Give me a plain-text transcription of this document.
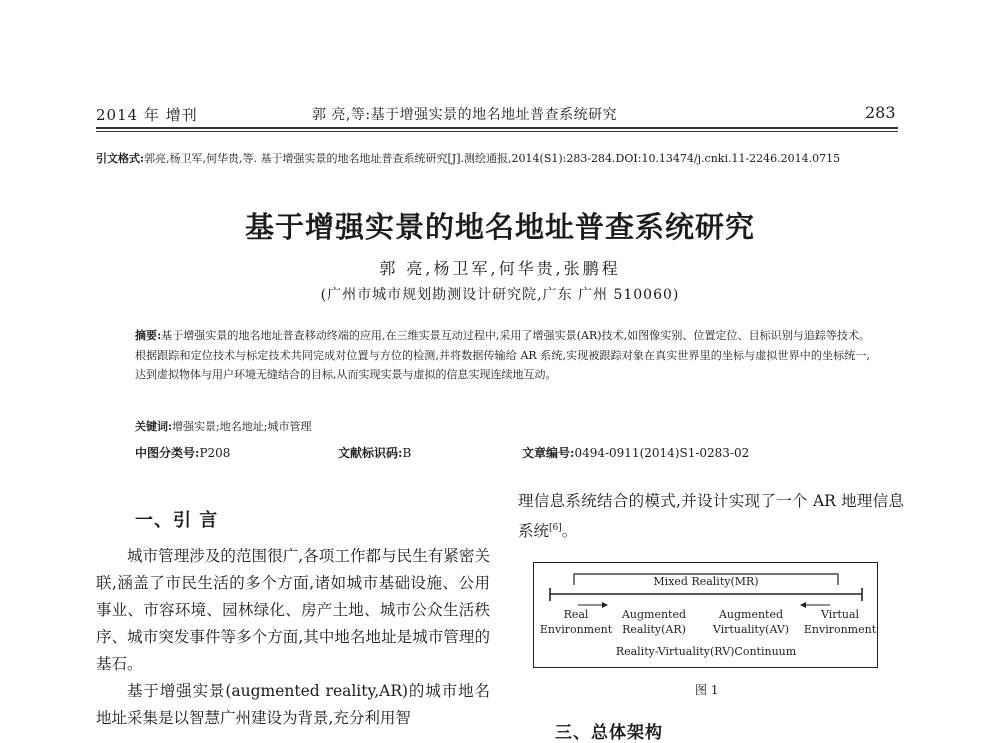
2014 年 增刊	郭 亮,等:基于增强实景的地名地址普查系统研究	283
引文格式:郭亮,杨卫军,何华贵,等. 基于增强实景的地名地址普查系统研究[J].测绘通报,2014(S1):283-284.DOI:10.13474/j.cnki.11-2246.2014.0715
基于增强实景的地名地址普查系统研究
郭 亮,杨卫军,何华贵,张鹏程
(广州市城市规划勘测设计研究院,广东 广州 510060)
摘要:基于增强实景的地名地址普查移动终端的应用,在三维实景互动过程中,采用了增强实景(AR)技术,如图像实别、位置定位、目标识别与追踪等技术。根据跟踪和定位技术与标定技术共同完成对位置与方位的检测,并将数据传输给 AR 系统,实现被跟踪对象在真实世界里的坐标与虚拟世界中的坐标统一,达到虚拟物体与用户环境无缝结合的目标,从而实现实景与虚拟的信息实现连续地互动。
关键词:增强实景;地名地址;城市管理
中图分类号:P208	文献标识码:B	文章编号:0494-0911(2014)S1-0283-02
一、引 言

城市管理涉及的范围很广,各项工作都与民生有紧密关联,涵盖了市民生活的多个方面,诸如城市基础设施、公用事业、市容环境、园林绿化、房产土地、城市公众生活秩序、城市突发事件等多个方面,其中地名地址是城市管理的基石。

基于增强实景(augmented reality,AR)的城市地名地址采集是以智慧广州建设为背景,充分利用智

理信息系统结合的模式,并设计实现了一个 AR 地理信息系统[6]。
Mixed Reality(MR)
Real
Environment
Augmented
Reality(AR)
Augmented
Virtuality(AV)
Virtual
Environment
Reality-Virtuality(RV)Continuum
图 1
三、总体架构
